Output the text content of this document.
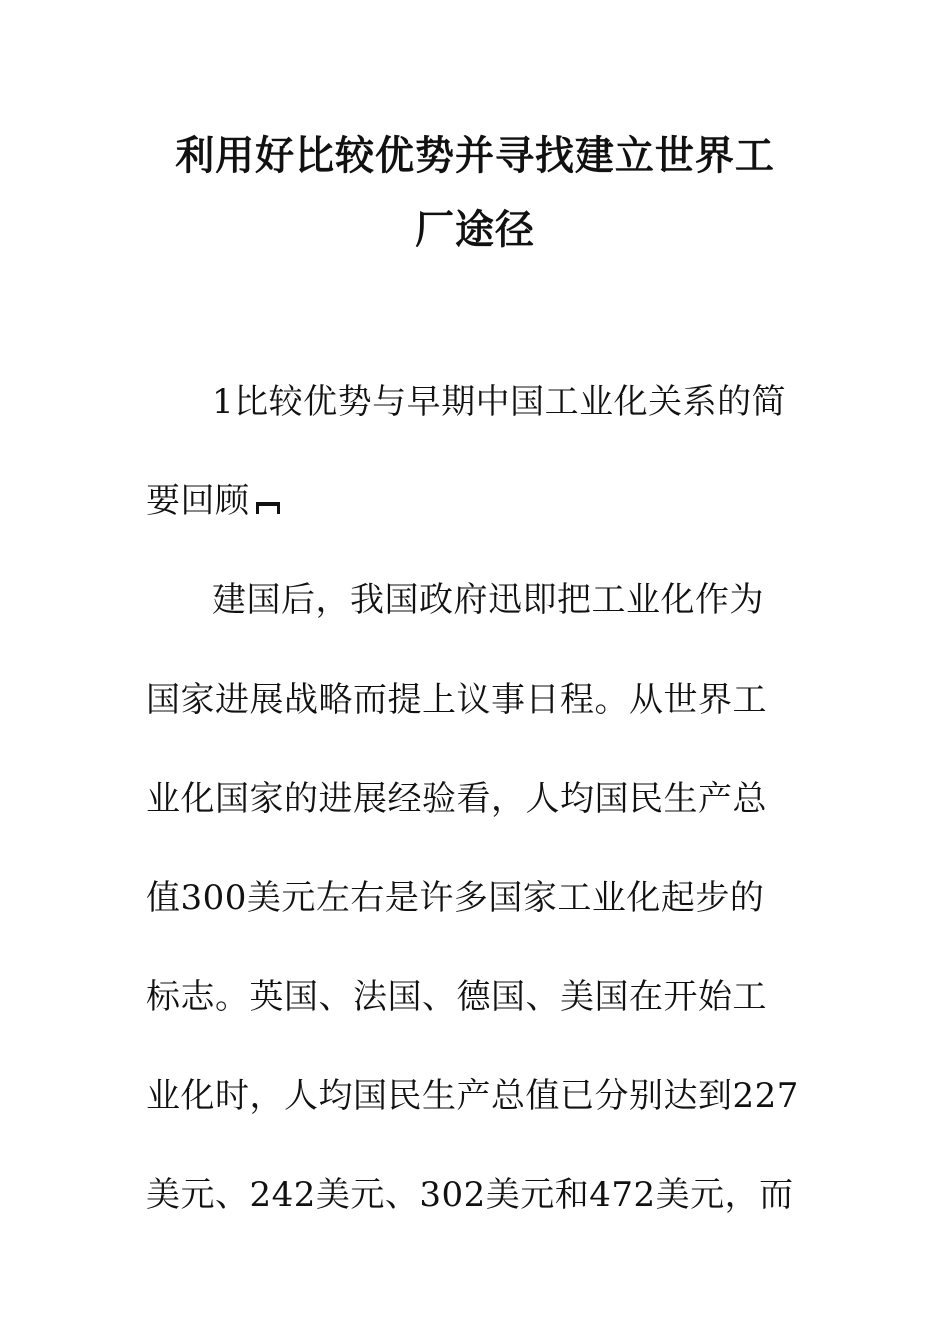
利用好比较优势并寻找建立世界工
厂途径
1比较优势与早期中国工业化关系的简
要回顾
建国后，我国政府迅即把工业化作为
国家进展战略而提上议事日程。从世界工
业化国家的进展经验看，人均国民生产总
值300美元左右是许多国家工业化起步的
标志。英国、法国、德国、美国在开始工
业化时，人均国民生产总值已分别达到227
美元、242美元、302美元和472美元，而
